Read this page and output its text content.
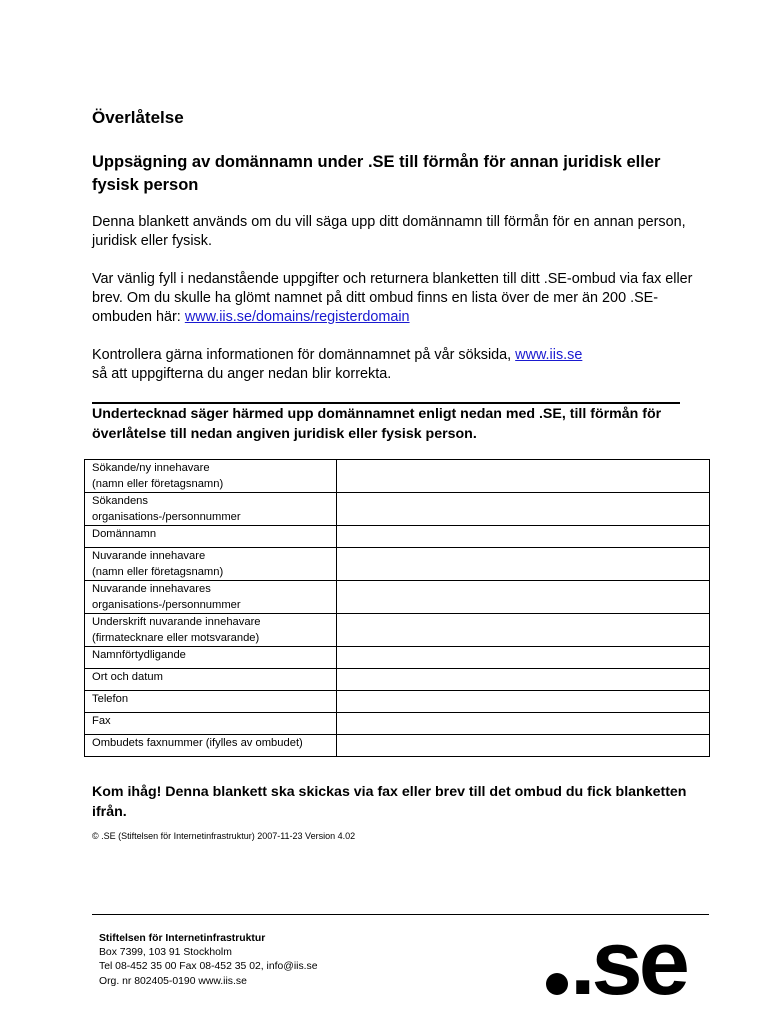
Överlåtelse
Uppsägning av domännamn under .SE till förmån för annan juridisk eller fysisk person
Denna blankett används om du vill säga upp ditt domännamn till förmån för en annan person, juridisk eller fysisk.
Var vänlig fyll i nedanstående uppgifter och returnera blanketten till ditt .SE-ombud via fax eller brev. Om du skulle ha glömt namnet på ditt ombud finns en lista över de mer än 200 .SE-ombuden här: www.iis.se/domains/registerdomain
Kontrollera gärna informationen för domännamnet på vår söksida, www.iis.se
så att uppgifterna du anger nedan blir korrekta.
Undertecknad säger härmed upp domännamnet enligt nedan med .SE, till förmån för överlåtelse till nedan angiven juridisk eller fysisk person.
Sökande/ny innehavare
(namn eller företagsnamn)	

Sökandens
organisations-/personnummer	

Domännamn	

Nuvarande innehavare
(namn eller företagsnamn)	

Nuvarande innehavares
organisations-/personnummer	

Underskrift nuvarande innehavare
(firmatecknare eller motsvarande)	

Namnförtydligande	

Ort och datum	

Telefon	

Fax	

Ombudets faxnummer (ifylles av ombudet)	

Kom ihåg! Denna blankett ska skickas via fax eller brev till det ombud du fick blanketten ifrån.
© .SE (Stiftelsen för Internetinfrastruktur) 2007-11-23 Version 4.02
Stiftelsen för Internetinfrastruktur
Box 7399, 103 91 Stockholm
Tel 08-452 35 00 Fax 08-452 35 02, info@iis.se
Org. nr 802405-0190 www.iis.se	.se
